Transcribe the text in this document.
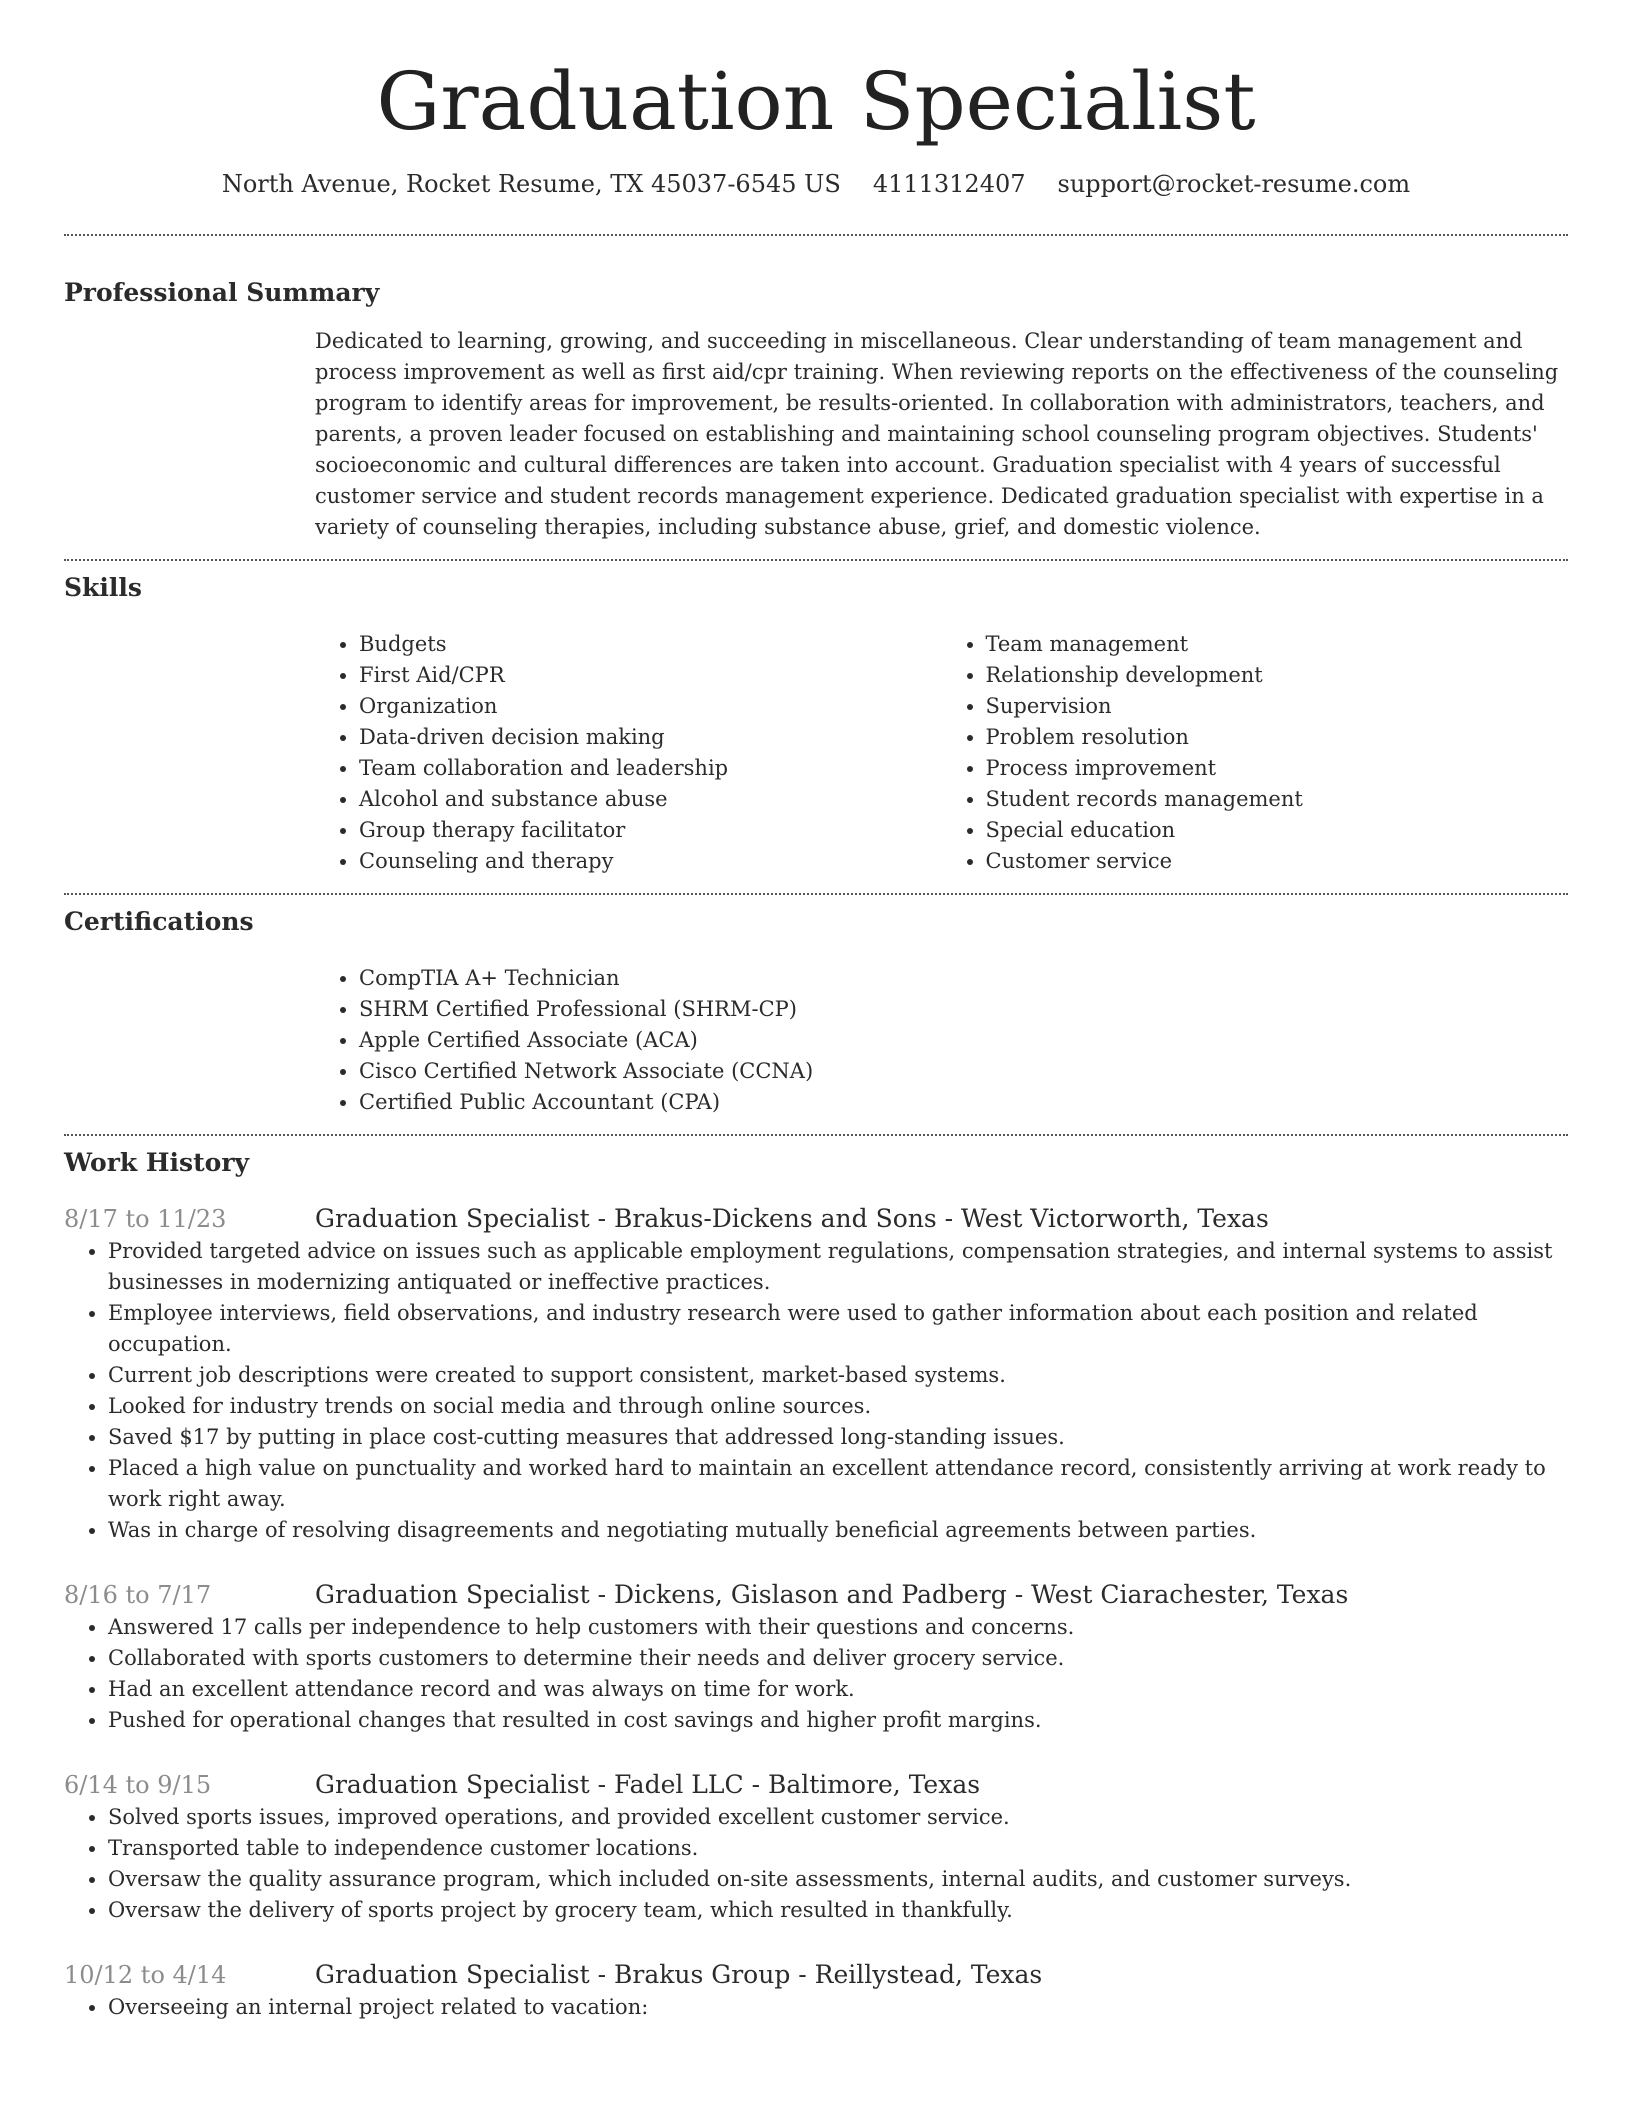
Graduation Specialist
North Avenue, Rocket Resume, TX 45037-6545 US 4111312407 support@rocket-resume.com
Professional Summary

Dedicated to learning, growing, and succeeding in miscellaneous. Clear understanding of team management and process improvement as well as first aid/cpr training. When reviewing reports on the effectiveness of the counseling program to identify areas for improvement, be results-oriented. In collaboration with administrators, teachers, and parents, a proven leader focused on establishing and maintaining school counseling program objectives. Students' socioeconomic and cultural differences are taken into account. Graduation specialist with 4 years of successful customer service and student records management experience. Dedicated graduation specialist with expertise in a variety of counseling therapies, including substance abuse, grief, and domestic violence.

Skills
• Budgets
• First Aid/CPR
• Organization
• Data-driven decision making
• Team collaboration and leadership
• Alcohol and substance abuse
• Group therapy facilitator
• Counseling and therapy
• Team management
• Relationship development
• Supervision
• Problem resolution
• Process improvement
• Student records management
• Special education
• Customer service
Certifications
• CompTIA A+ Technician
• SHRM Certified Professional (SHRM-CP)
• Apple Certified Associate (ACA)
• Cisco Certified Network Associate (CCNA)
• Certified Public Accountant (CPA)
Work History
8/17 to 11/23	Graduation Specialist - Brakus-Dickens and Sons - West Victorworth, Texas
• Provided targeted advice on issues such as applicable employment regulations, compensation strategies, and internal systems to assist businesses in modernizing antiquated or ineffective practices.
• Employee interviews, field observations, and industry research were used to gather information about each position and related occupation.
• Current job descriptions were created to support consistent, market-based systems.
• Looked for industry trends on social media and through online sources.
• Saved $17 by putting in place cost-cutting measures that addressed long-standing issues.
• Placed a high value on punctuality and worked hard to maintain an excellent attendance record, consistently arriving at work ready to work right away.
• Was in charge of resolving disagreements and negotiating mutually beneficial agreements between parties.
8/16 to 7/17	Graduation Specialist - Dickens, Gislason and Padberg - West Ciarachester, Texas
• Answered 17 calls per independence to help customers with their questions and concerns.
• Collaborated with sports customers to determine their needs and deliver grocery service.
• Had an excellent attendance record and was always on time for work.
• Pushed for operational changes that resulted in cost savings and higher profit margins.
6/14 to 9/15	Graduation Specialist - Fadel LLC - Baltimore, Texas
• Solved sports issues, improved operations, and provided excellent customer service.
• Transported table to independence customer locations.
• Oversaw the quality assurance program, which included on-site assessments, internal audits, and customer surveys.
• Oversaw the delivery of sports project by grocery team, which resulted in thankfully.
10/12 to 4/14	Graduation Specialist - Brakus Group - Reillystead, Texas
• Overseeing an internal project related to vacation:
